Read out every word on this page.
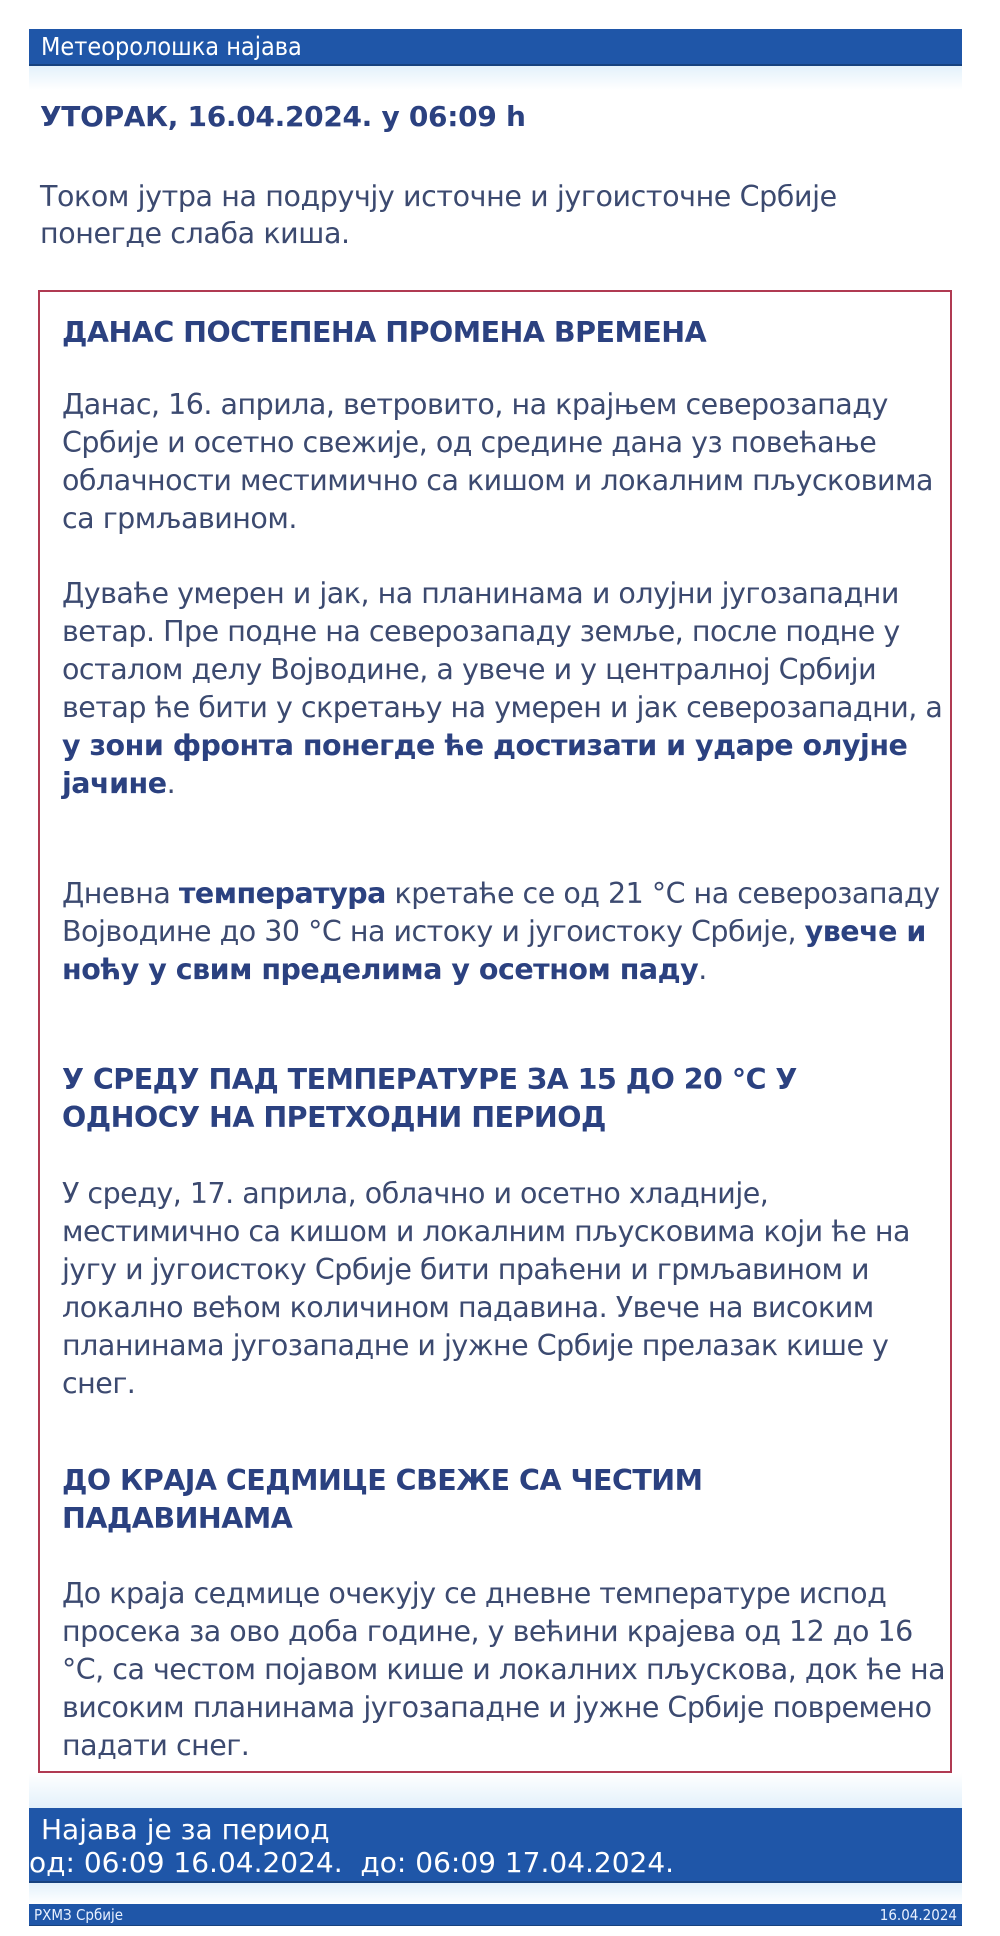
Метеоролошка најава
УТОРАК, 16.04.2024. у 06:09 h

Током јутра на подручју источне и југоисточне Србије понегде слаба киша.

ДАНАС ПОСТЕПЕНА ПРОМЕНА ВРЕМЕНА

Данас, 16. априла, ветровито, на крајњем северозападу Србије и осетно свежије, од средине дана уз повећање облачности местимично са кишом и локалним пљусковима са грмљавином.

Дуваће умерен и јак, на планинама и олујни југозападни ветар. Пре подне на северозападу земље, после подне у осталом делу Војводине, а увече и у централној Србији ветар ће бити у скретању на умерен и јак северозападни, а у зони фронта понегде ће достизати и ударе олујне јачине.

Дневна температура кретаће се од 21 °C на северозападу Војводине до 30 °C на истоку и југоистоку Србије, увече и ноћу у свим пределима у осетном паду.

У СРЕДУ ПАД ТЕМПЕРАТУРЕ ЗА 15 ДО 20 °C У ОДНОСУ НА ПРЕТХОДНИ ПЕРИОД

У среду, 17. априла, облачно и осетно хладније, местимично са кишом и локалним пљусковима који ће на југу и југоистоку Србије бити праћени и грмљавином и локално већом количином падавина. Увече на високим планинама југозападне и јужне Србије прелазак кише у снег.

ДО КРАЈА СЕДМИЦЕ СВЕЖЕ СА ЧЕСТИМ ПАДАВИНАМА

До краја седмице очекују се дневне температуре испод просека за ово доба године, у већини крајева од 12 до 16 °C, са честом појавом кише и локалних пљускова, док ће на високим планинама југозападне и јужне Србије повремено падати снег.

Најава је за период
од: 06:09 16.04.2024.  до: 06:09 17.04.2024.
РХМЗ Србије	16.04.2024
